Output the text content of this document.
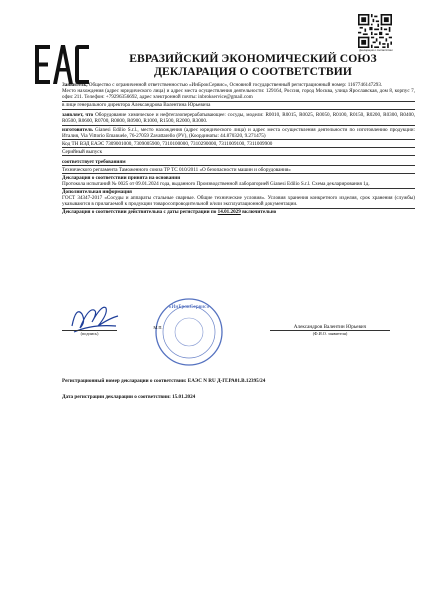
Декларация о соответствии
ЕВРАЗИЙСКИЙ ЭКОНОМИЧЕСКИЙ СОЮЗ
ДЕКЛАРАЦИЯ О СООТВЕТСТВИИ

Заявитель, Общество с ограниченной ответственностью «ИнБрокСервис», Основной государственный регистрационный номер: 1167746147293.

Место нахождения (адрес юридического лица) и адрес места осуществления деятельности: 129164, Россия, город Москва, улица Ярославская, дом 8, корпус 7, офис 211. Телефон: +79296356692, адрес электронной почты: inbrokservice@gmail.com

в лице генерального директора Александрова Валентина Юрьевича

заявляет, что Оборудование химическое и нефтегазоперерабатывающее: сосуды, модели: R0010, R0015, R0025, R0050, R0100, R0150, R0200, R0300, R0400, R0500, R0600, R0700, R0800, R0900, R1000, R1500, R2000, R3000.

изготовитель Gianesi Edilio S.r.l., место нахождения (адрес юридического лица) и адрес места осуществления деятельности по изготовлению продукции: Италия, Via Vittorio Emanuele, 76-27059 Zavattarello (PV), (Координаты: 44.870320, 9.271475)

Код ТН ВЭД ЕАЭС 7309001000, 7309005900, 7310100000, 7310290000, 7311009100, 7311009900

Серийный выпуск

соответствует требованиям

Технического регламента Таможенного союза ТР ТС 010/2011 «О безопасности машин и оборудования»

Декларация о соответствии принята на основании

Протокола испытаний № 0025 от 09.01.2024 года, выданного Производственной лабораторией Gianesi Edilio S.r.l. Схема декларирования 1д.

Дополнительная информация

ГОСТ 34347-2017 «Сосуды и аппараты стальные сварные. Общие технические условия». Условия хранения конкретного изделия, срок хранения (службы) указываются в прилагаемой к продукции товаросопроводительной и/или эксплуатационной документации.

Декларация о соответствии действительна с даты регистрации по 14.01.2029 включительно

«ИнБрокСервис»
(подпись)
М.П.	Александров Валентин Юрьевич
(Ф.И.О. заявителя)
Регистрационный номер декларации о соответствии: ЕАЭС N RU Д-IT.РА01.В.12395/24
Дата регистрации декларации о соответствии: 15.01.2024
